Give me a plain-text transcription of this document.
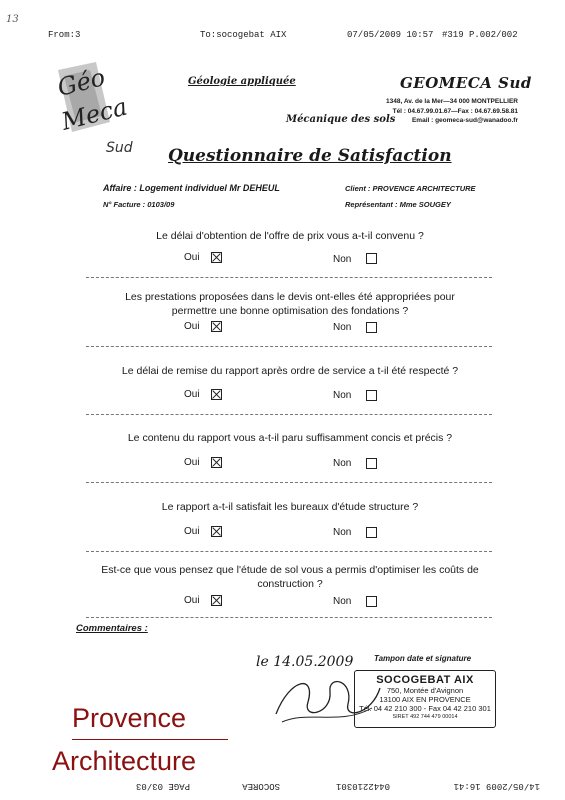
From:3	To:socogebat AIX	07/05/2009 10:57 #319 P.002/002
13
Géo
Meca
Sud
Géologie appliquée
Mécanique des sols
GEOMECA Sud
1348, Av. de la Mer—34 000 MONTPELLIER
Tél : 04.67.99.01.67—Fax : 04.67.69.58.81
Email : geomeca-sud@wanadoo.fr
Questionnaire de Satisfaction
Affaire : Logement individuel Mr DEHEUL
N° Facture : 0103/09
Client : PROVENCE ARCHITECTURE
Représentant : Mme SOUGEY
Le délai d'obtention de l'offre de prix vous a-t-il convenu ?
Oui	Non
Les prestations proposées dans le devis ont-elles été appropriées pour
permettre une bonne optimisation des fondations ?
Oui	Non
Le délai de remise du rapport après ordre de service a t-il été respecté ?
Oui	Non
Le contenu du rapport vous a-t-il paru suffisamment concis et précis ?
Oui	Non
Le rapport a-t-il satisfait les bureaux d'étude structure ?
Oui	Non
Est-ce que vous pensez que l'étude de sol vous a permis d'optimiser les coûts de
construction ?
Oui	Non
Commentaires :
le 14.05.2009	Tampon date et signature
SOCOGEBAT AIX
750, Montée d'Avignon
13100 AIX EN PROVENCE
Tél. 04 42 210 300 - Fax 04 42 210 301
SIRET 492 744 479 00014
Provence
Architecture
14/05/2009 16:41
0442210301
SOCOREA
PAGE 03/03
